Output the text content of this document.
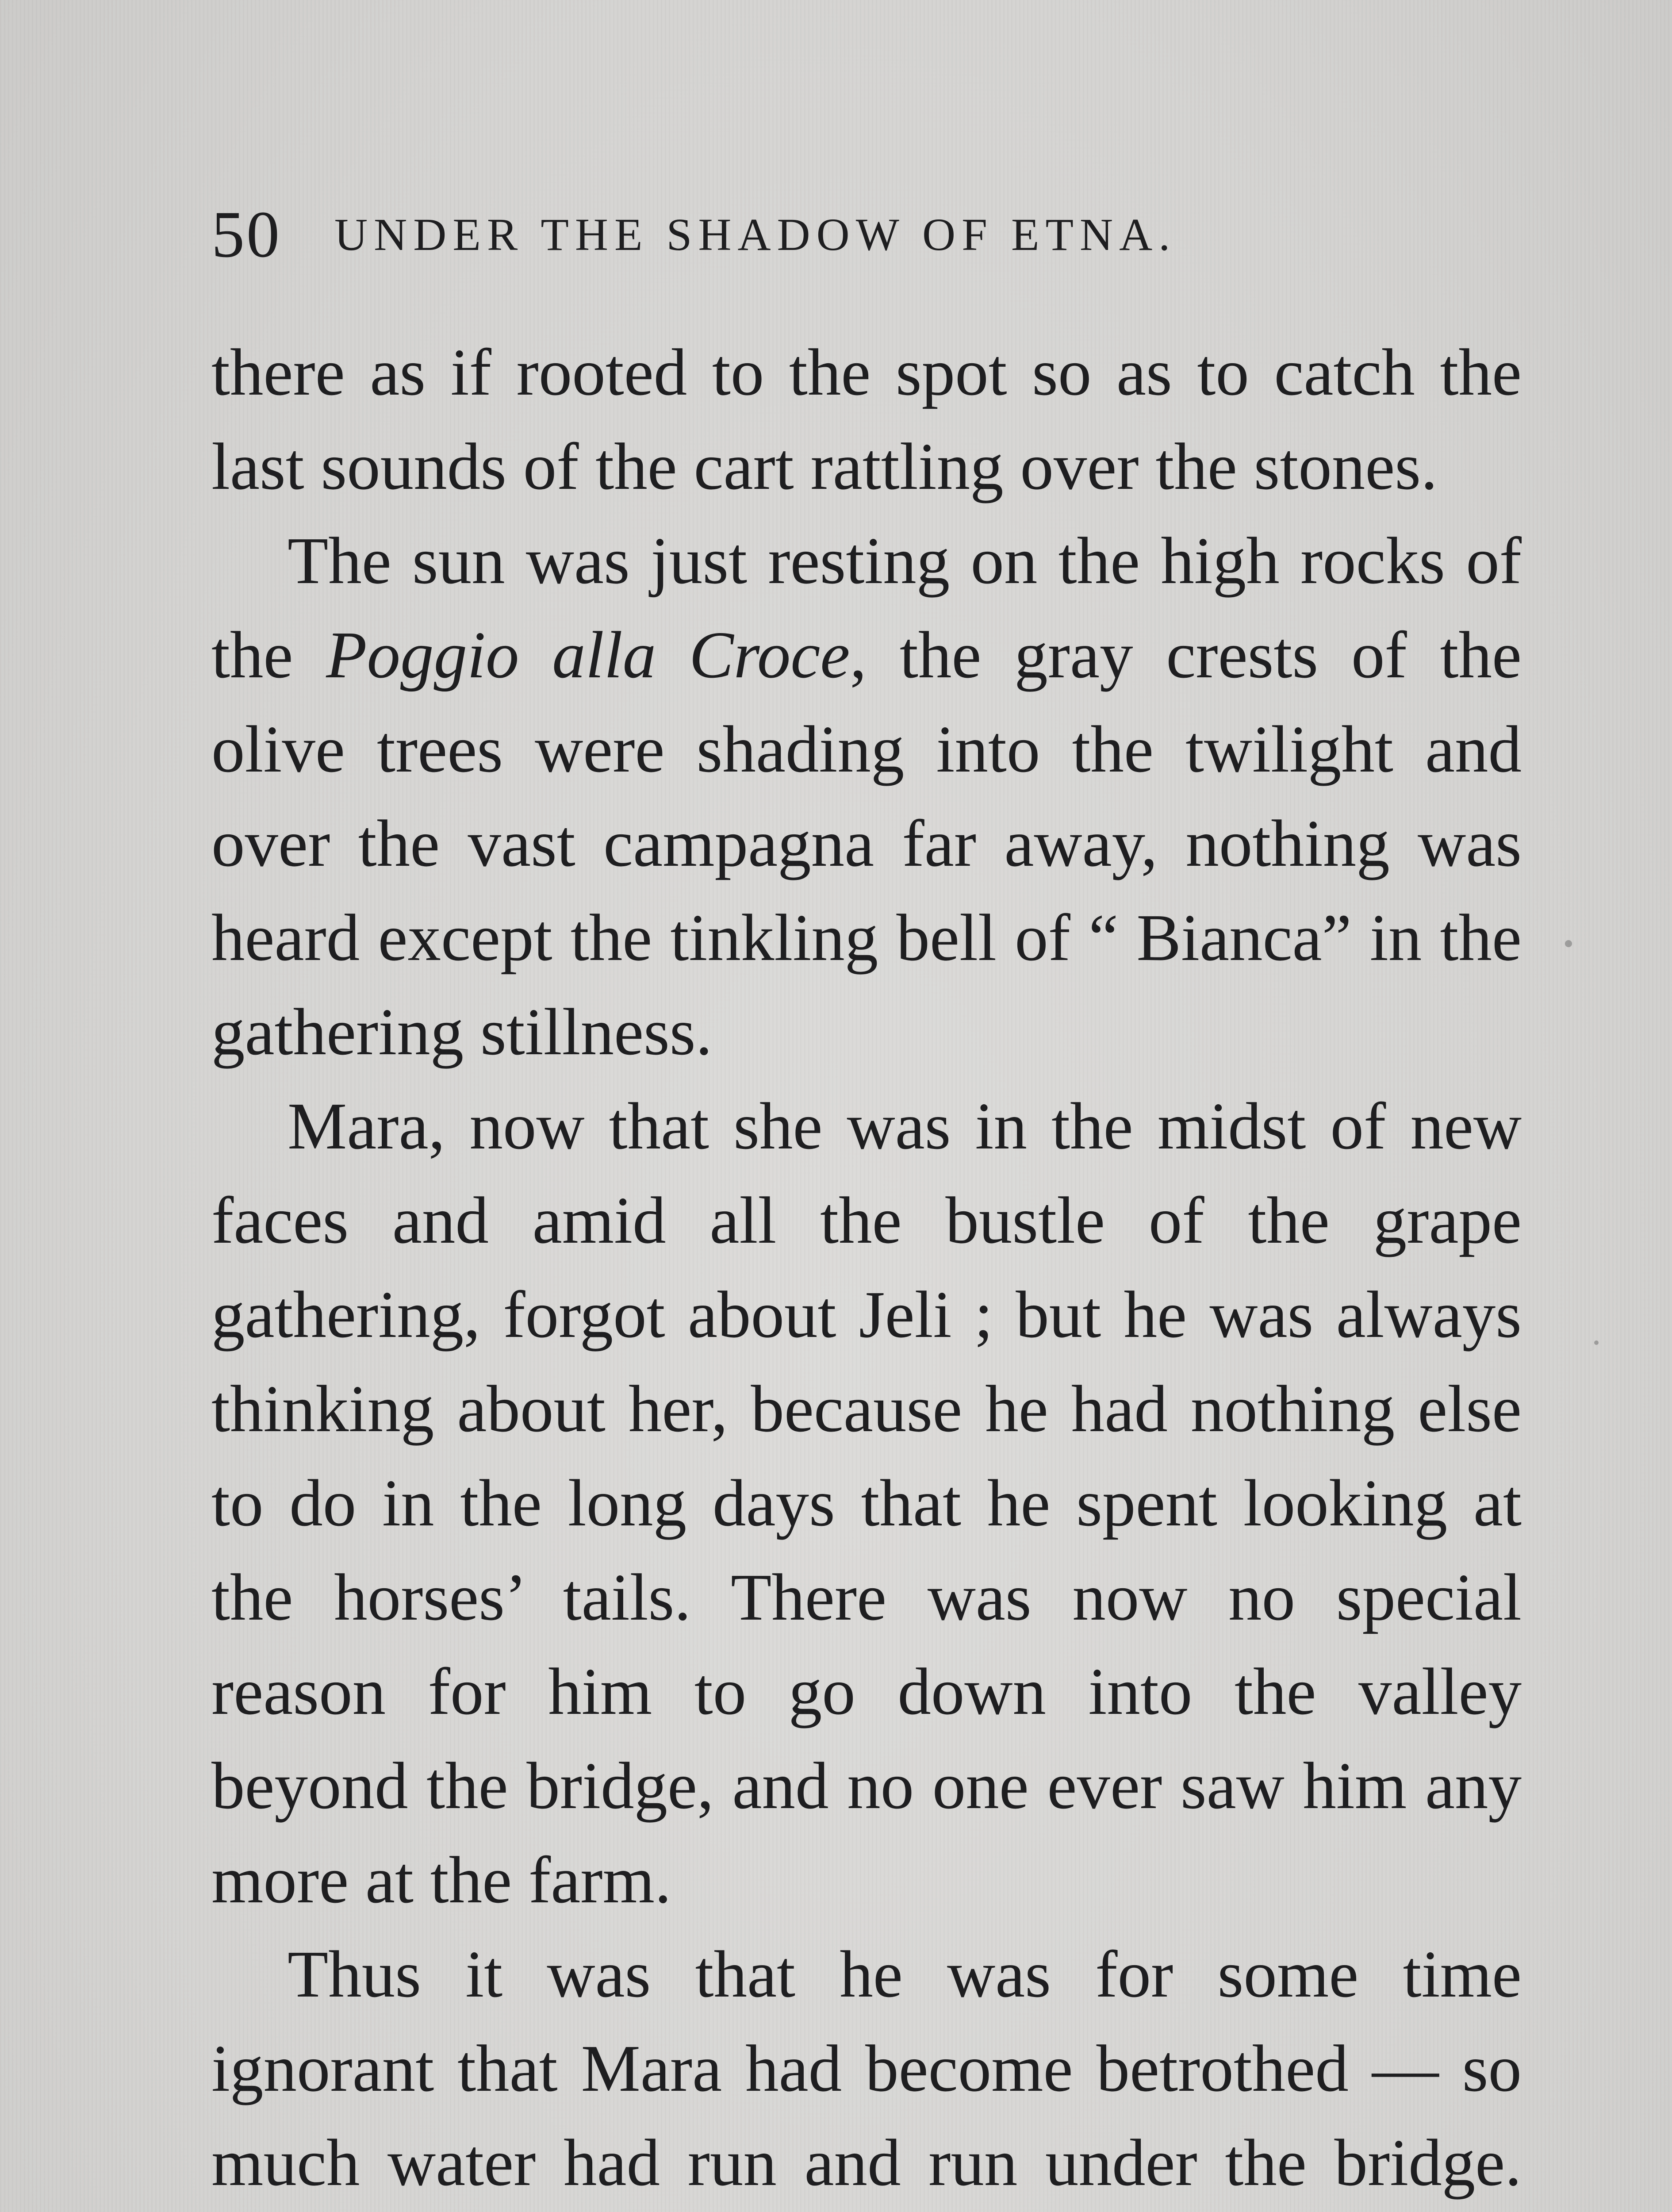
50 UNDER THE SHADOW OF ETNA.

there as if rooted to the spot so as to catch the last sounds of the cart rattling over the stones.

The sun was just resting on the high rocks of the Poggio alla Croce, the gray crests of the olive trees were shading into the twilight and over the vast campagna far away, nothing was heard except the tinkling bell of “ Bianca” in the gathering stillness.

Mara, now that she was in the midst of new faces and amid all the bustle of the grape gathering, forgot about Jeli ; but he was always thinking about her, because he had nothing else to do in the long days that he spent looking at the horses’ tails. There was now no special reason for him to go down into the valley beyond the bridge, and no one ever saw him any more at the farm.

Thus it was that he was for some time ignorant that Mara had become betrothed — so much water had run and run under the bridge.
